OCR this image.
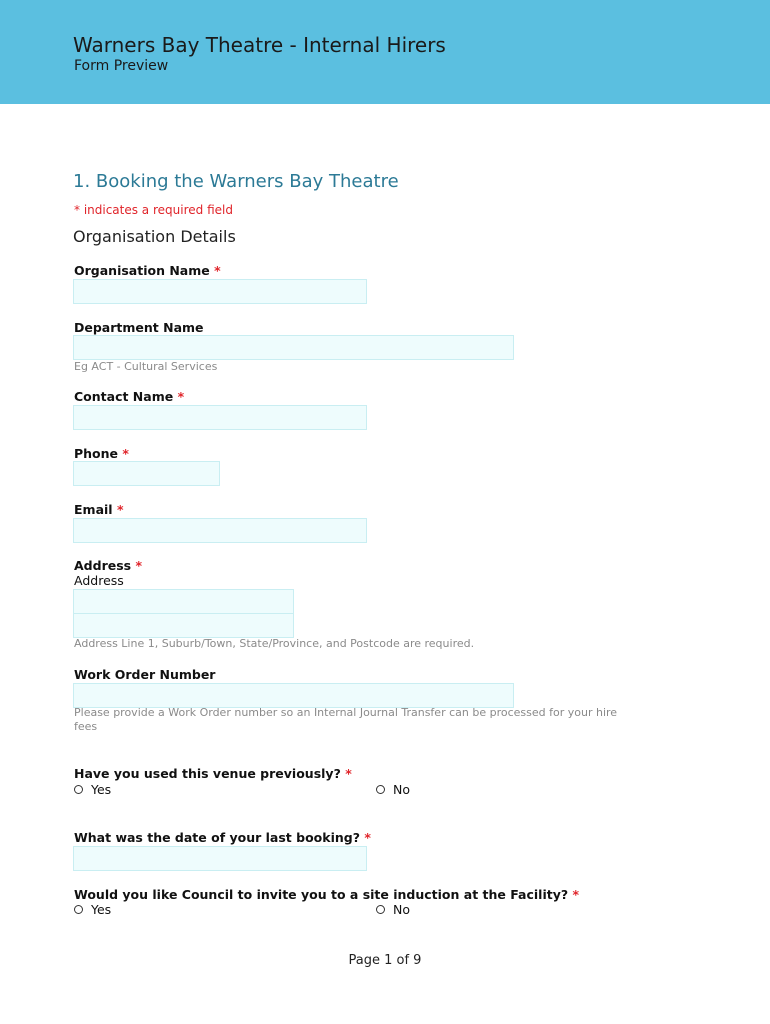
Warners Bay Theatre - Internal Hirers
Form Preview
1. Booking the Warners Bay Theatre
* indicates a required field
Organisation Details
Organisation Name *
Department Name
Eg ACT - Cultural Services
Contact Name *
Phone *
Email *
Address *
Address
Address Line 1, Suburb/Town, State/Province, and Postcode are required.
Work Order Number
Please provide a Work Order number so an Internal Journal Transfer can be processed for your hire
fees
Have you used this venue previously? *
Yes	No
What was the date of your last booking? *
Would you like Council to invite you to a site induction at the Facility? *
Yes	No
Page 1 of 9
